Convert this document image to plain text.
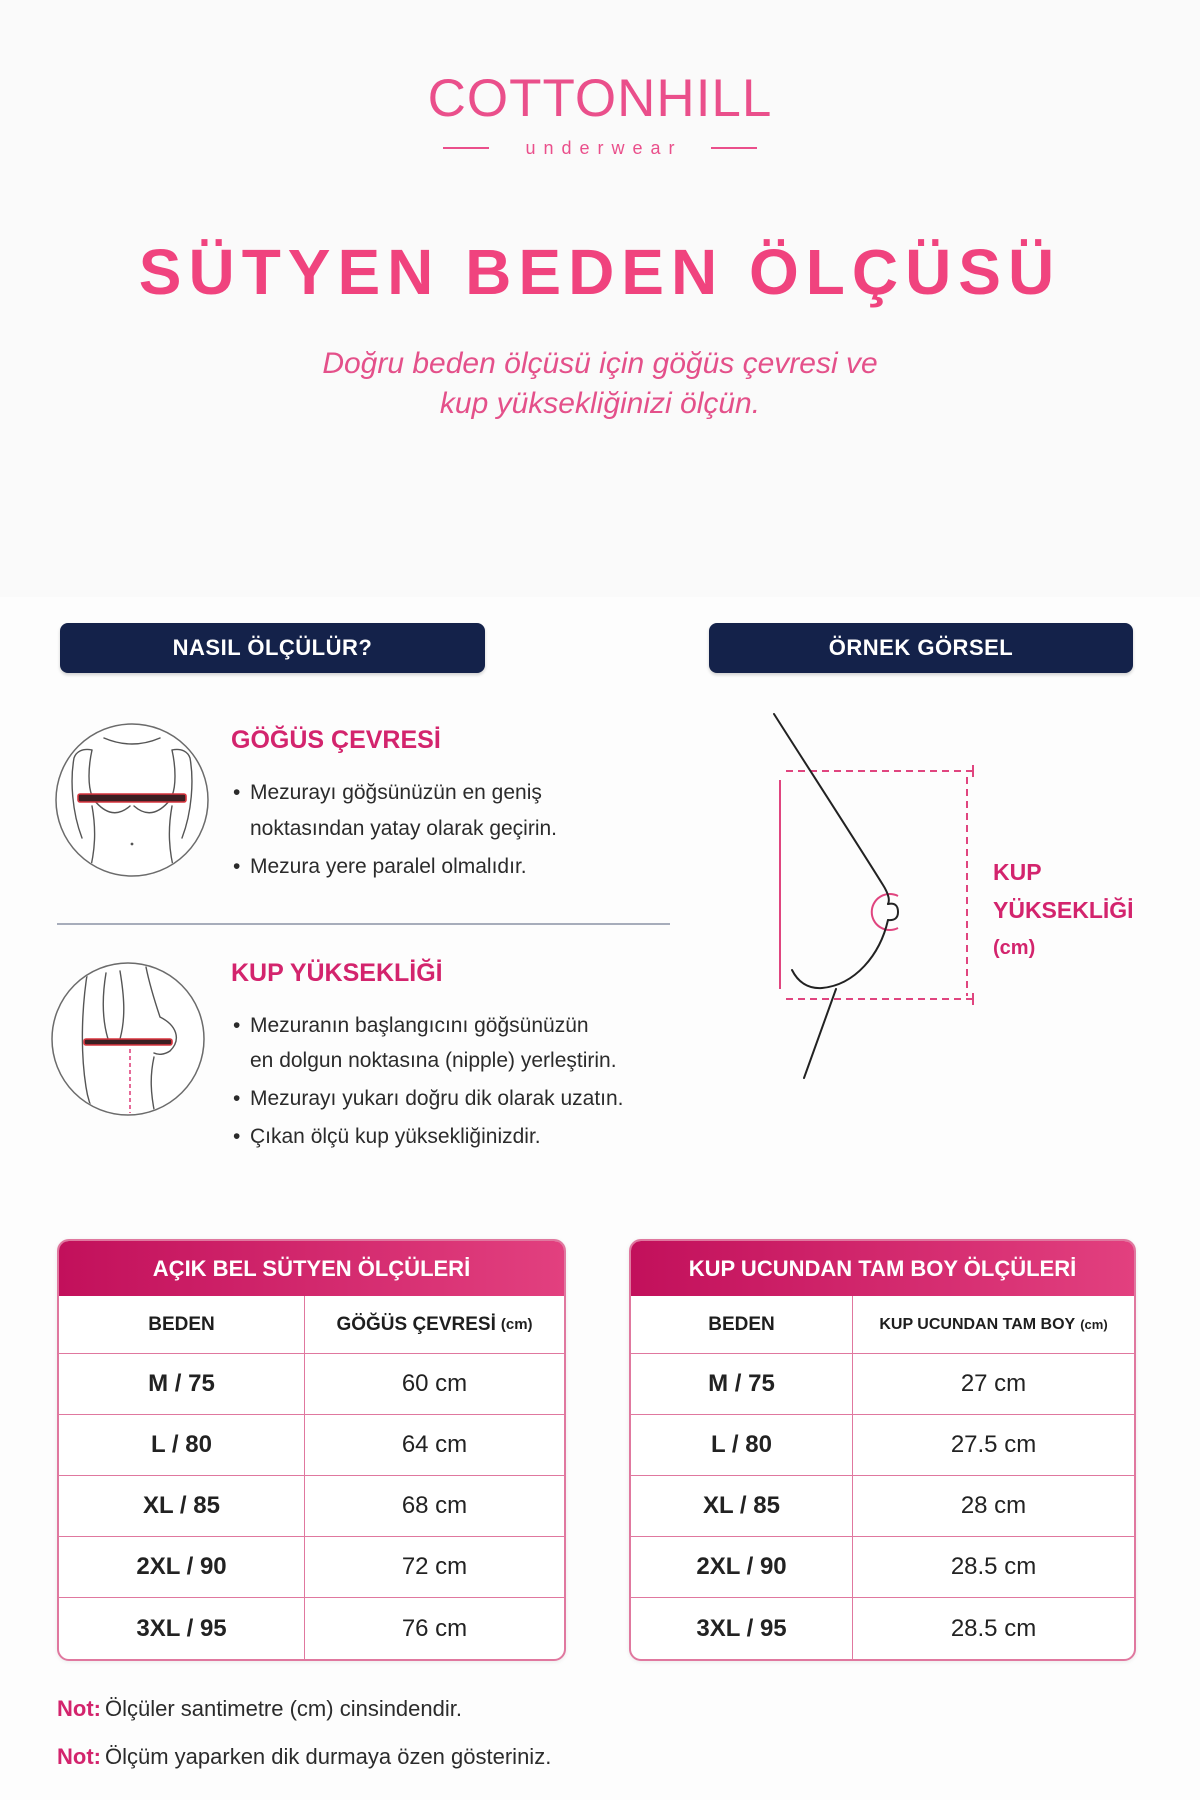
COTTONHILL
underwear
SÜTYEN BEDEN ÖLÇÜSÜ
Doğru beden ölçüsü için göğüs çevresi ve
kup yüksekliğinizi ölçün.
NASIL ÖLÇÜLÜR?	ÖRNEK GÖRSEL
GÖĞÜS ÇEVRESİ
• Mezurayı göğsünüzün en geniş
noktasından yatay olarak geçirin.
• Mezura yere paralel olmalıdır.
KUP YÜKSEKLİĞİ
• Mezuranın başlangıcını göğsünüzün
en dolgun noktasına (nipple) yerleştirin.
• Mezurayı yukarı doğru dik olarak uzatın.
• Çıkan ölçü kup yüksekliğinizdir.
KUP
YÜKSEKLİĞİ
(cm)
AÇIK BEL SÜTYEN ÖLÇÜLERİ
BEDEN	GÖĞÜS ÇEVRESİ (cm)
M / 75	60 cm
L / 80	64 cm
XL / 85	68 cm
2XL / 90	72 cm
3XL / 95	76 cm
KUP UCUNDAN TAM BOY ÖLÇÜLERİ
BEDEN	KUP UCUNDAN TAM BOY (cm)
M / 75	27 cm
L / 80	27.5 cm
XL / 85	28 cm
2XL / 90	28.5 cm
3XL / 95	28.5 cm
Not: Ölçüler santimetre (cm) cinsindendir.
Not: Ölçüm yaparken dik durmaya özen gösteriniz.
